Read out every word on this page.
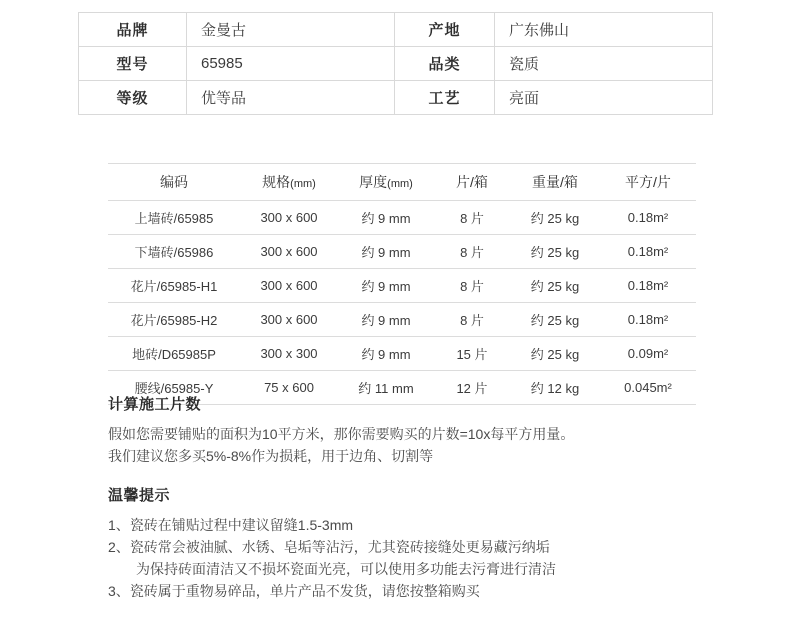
品牌	金曼古	产地	广东佛山
型号	65985	品类	瓷质
等级	优等品	工艺	亮面
编码	规格(mm)	厚度(mm)	片/箱	重量/箱	平方/片
上墙砖/65985	300 x 600	约 9 mm	8 片	约 25 kg	0.18m²
下墙砖/65986	300 x 600	约 9 mm	8 片	约 25 kg	0.18m²
花片/65985-H1	300 x 600	约 9 mm	8 片	约 25 kg	0.18m²
花片/65985-H2	300 x 600	约 9 mm	8 片	约 25 kg	0.18m²
地砖/D65985P	300 x 300	约 9 mm	15 片	约 25 kg	0.09m²
腰线/65985-Y	75 x 600	约 11 mm	12 片	约 12 kg	0.045m²
计算施工片数
假如您需要铺贴的面积为10平方米，那你需要购买的片数=10x每平方用量。
我们建议您多买5%-8%作为损耗，用于边角、切割等
温馨提示
1、 瓷砖在铺贴过程中建议留缝1.5-3mm
2、 瓷砖常会被油腻、水锈、皂垢等沾污，尤其瓷砖接缝处更易藏污纳垢
为保持砖面清洁又不损坏瓷面光亮，可以使用多功能去污膏进行清洁
3、 瓷砖属于重物易碎品，单片产品不发货，请您按整箱购买
